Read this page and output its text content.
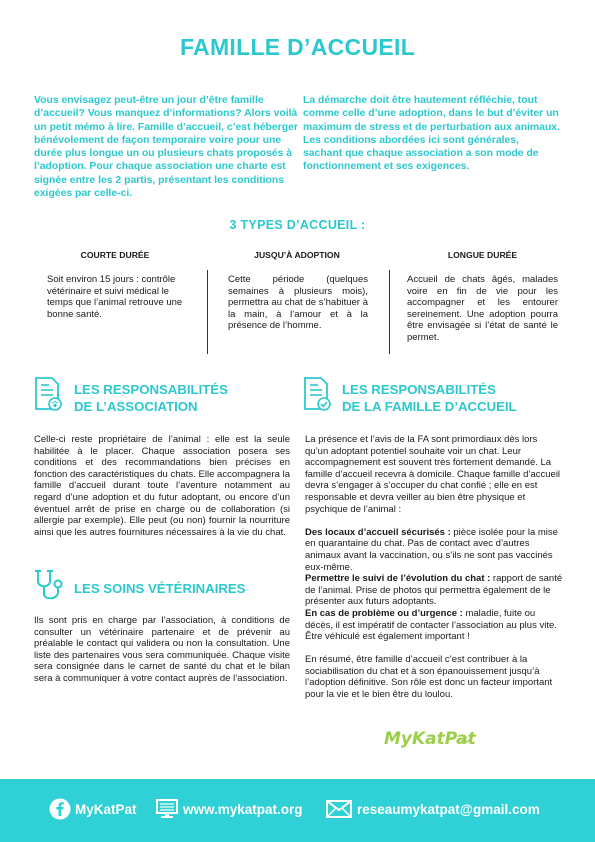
FAMILLE D’ACCUEIL
Vous envisagez peut-être un jour d’être famille d’accueil? Vous manquez d’informations? Alors voilà un petit mémo à lire. Famille d’accueil, c’est héberger bénévolement de façon temporaire voire pour une durée plus longue un ou plusieurs chats proposés à l’adoption. Pour chaque association une charte est signée entre les 2 partis, présentant les conditions exigées par celle-ci.
La démarche doit être hautement réfléchie, tout comme celle d’une adoption, dans le but d’éviter un maximum de stress et de perturbation aux animaux. Les conditions abordées ici sont générales, sachant que chaque association a son mode de fonctionnement et ses exigences.
3 TYPES D’ACCUEIL :
COURTE DURÉE
Soit environ 15 jours : contrôle vétérinaire et suivi médical le temps que l’animal retrouve une bonne santé.
JUSQU’À ADOPTION
Cette période (quelques semaines à plusieurs mois), permettra au chat de s’habituer à la main, à l’amour et à la présence de l’homme.
LONGUE DURÉE
Accueil de chats âgés, malades voire en fin de vie pour les accompagner et les entourer sereinement. Une adoption pourra être envisagée si l’état de santé le permet.
LES RESPONSABILITÉS
DE L’ASSOCIATION
Celle-ci reste propriétaire de l’animal : elle est la seule habilitée à le placer. Chaque association posera ses conditions et des recommandations bien précises en fonction des caractéristiques du chats. Elle accompagnera la famille d’accueil durant toute l’aventure notamment au regard d’une adoption et du futur adoptant, ou encore d’un éventuel arrêt de prise en charge ou de collaboration (si allergie par exemple). Elle peut (ou non) fournir la nourriture ainsi que les autres fournitures nécessaires à la vie du chat.
LES SOINS VÉTÉRINAIRES
Ils sont pris en charge par l’association, à conditions de consulter un vétérinaire partenaire et de prévenir au préalable le contact qui validera ou non la consultation. Une liste des partenaires vous sera communiquée. Chaque visite sera consignée dans le carnet de santé du chat et le bilan sera à communiquer à votre contact auprès de l’association.
LES RESPONSABILITÉS
DE LA FAMILLE D’ACCUEIL

La présence et l’avis de la FA sont primordiaux dès lors qu’un adoptant potentiel souhaite voir un chat. Leur accompagnement est souvent très fortement demandé. La famille d’accueil recevra à domicile. Chaque famille d’accueil devra s’engager à s’occuper du chat confié ; elle en est responsable et devra veiller au bien être physique et psychique de l’animal :

Des locaux d’accueil sécurisés : pièce isolée pour la mise en quarantaine du chat. Pas de contact avec d’autres animaux avant la vaccination, ou s’ils ne sont pas vaccinés eux-même.

Permettre le suivi de l’évolution du chat : rapport de santé de l’animal. Prise de photos qui permettra également de le présenter aux futurs adoptants.

En cas de problème ou d’urgence : maladie, fuite ou décès, il est impératif de contacter l’association au plus vite. Être véhiculé est également important !

En résumé, être famille d’accueil c’est contribuer à la sociabilisation du chat et à son épanouissement jusqu’à l’adoption définitive. Son rôle est donc un facteur important pour la vie et le bien être du loulou.

MyKatPat
MyKatPat	www.mykatpat.org	reseaumykatpat@gmail.com
